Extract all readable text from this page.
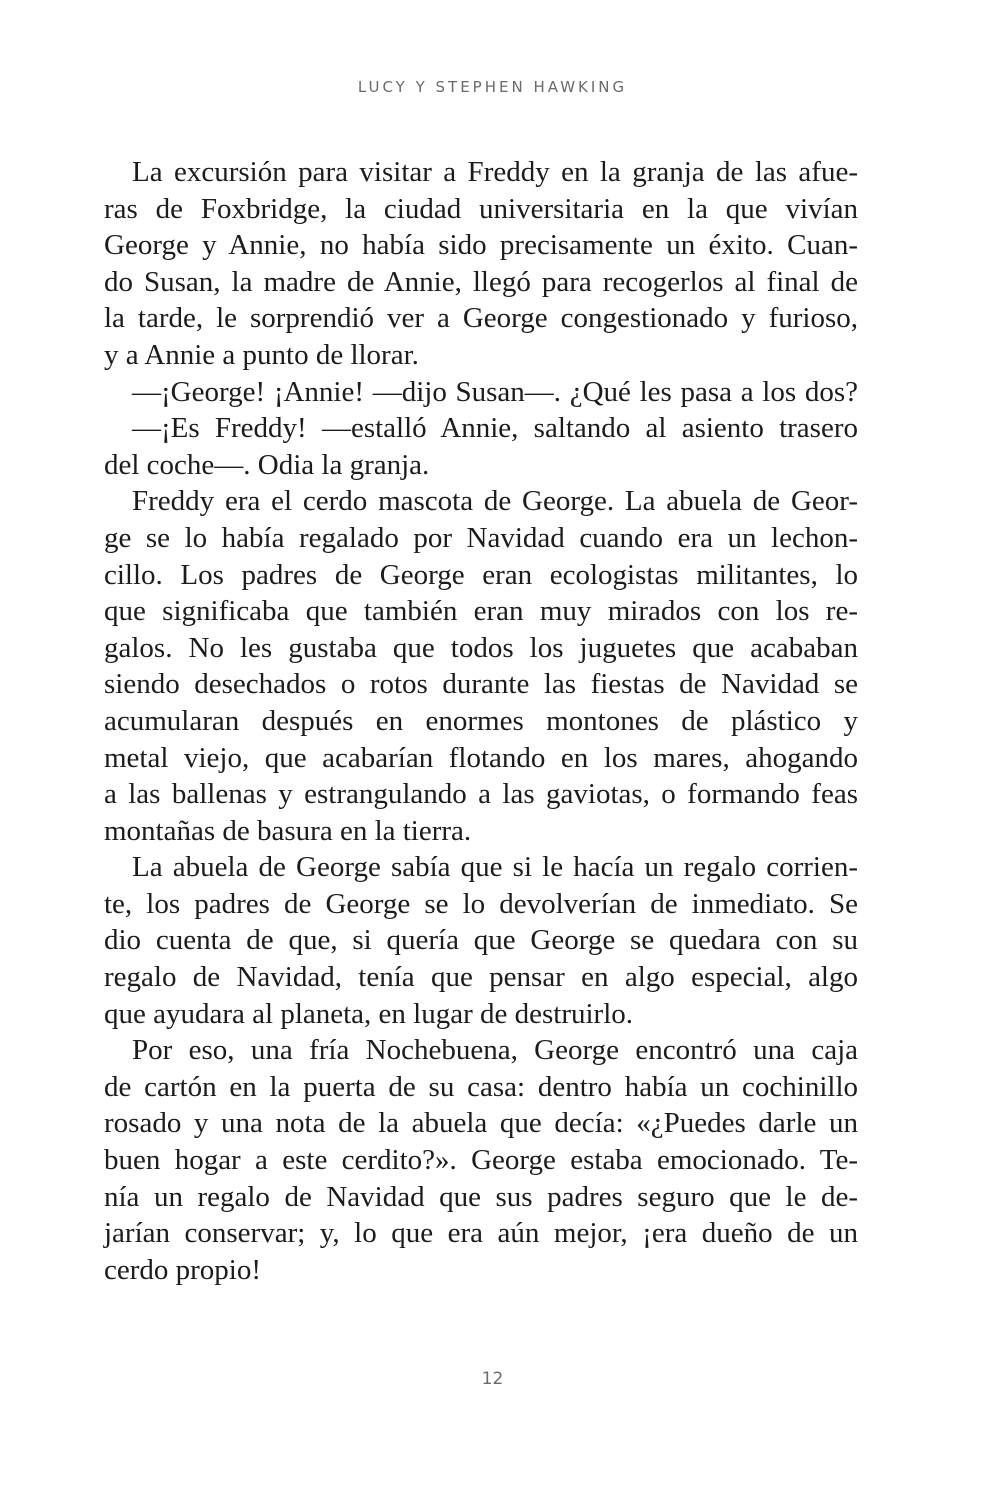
LUCY Y STEPHEN HAWKING
La excursión para visitar a Freddy en la granja de las afue-
ras de Foxbridge, la ciudad universitaria en la que vivían
George y Annie, no había sido precisamente un éxito. Cuan-
do Susan, la madre de Annie, llegó para recogerlos al final de
la tarde, le sorprendió ver a George congestionado y furioso,
y a Annie a punto de llorar.
—¡George! ¡Annie! —dijo Susan—. ¿Qué les pasa a los dos?
—¡Es Freddy! —estalló Annie, saltando al asiento trasero
del coche—. Odia la granja.
Freddy era el cerdo mascota de George. La abuela de Geor-
ge se lo había regalado por Navidad cuando era un lechon-
cillo. Los padres de George eran ecologistas militantes, lo
que significaba que también eran muy mirados con los re-
galos. No les gustaba que todos los juguetes que acababan
siendo desechados o rotos durante las fiestas de Navidad se
acumularan después en enormes montones de plástico y
metal viejo, que acabarían flotando en los mares, ahogando
a las ballenas y estrangulando a las gaviotas, o formando feas
montañas de basura en la tierra.
La abuela de George sabía que si le hacía un regalo corrien-
te, los padres de George se lo devolverían de inmediato. Se
dio cuenta de que, si quería que George se quedara con su
regalo de Navidad, tenía que pensar en algo especial, algo
que ayudara al planeta, en lugar de destruirlo.
Por eso, una fría Nochebuena, George encontró una caja
de cartón en la puerta de su casa: dentro había un cochinillo
rosado y una nota de la abuela que decía: «¿Puedes darle un
buen hogar a este cerdito?». George estaba emocionado. Te-
nía un regalo de Navidad que sus padres seguro que le de-
jarían conservar; y, lo que era aún mejor, ¡era dueño de un
cerdo propio!
12
